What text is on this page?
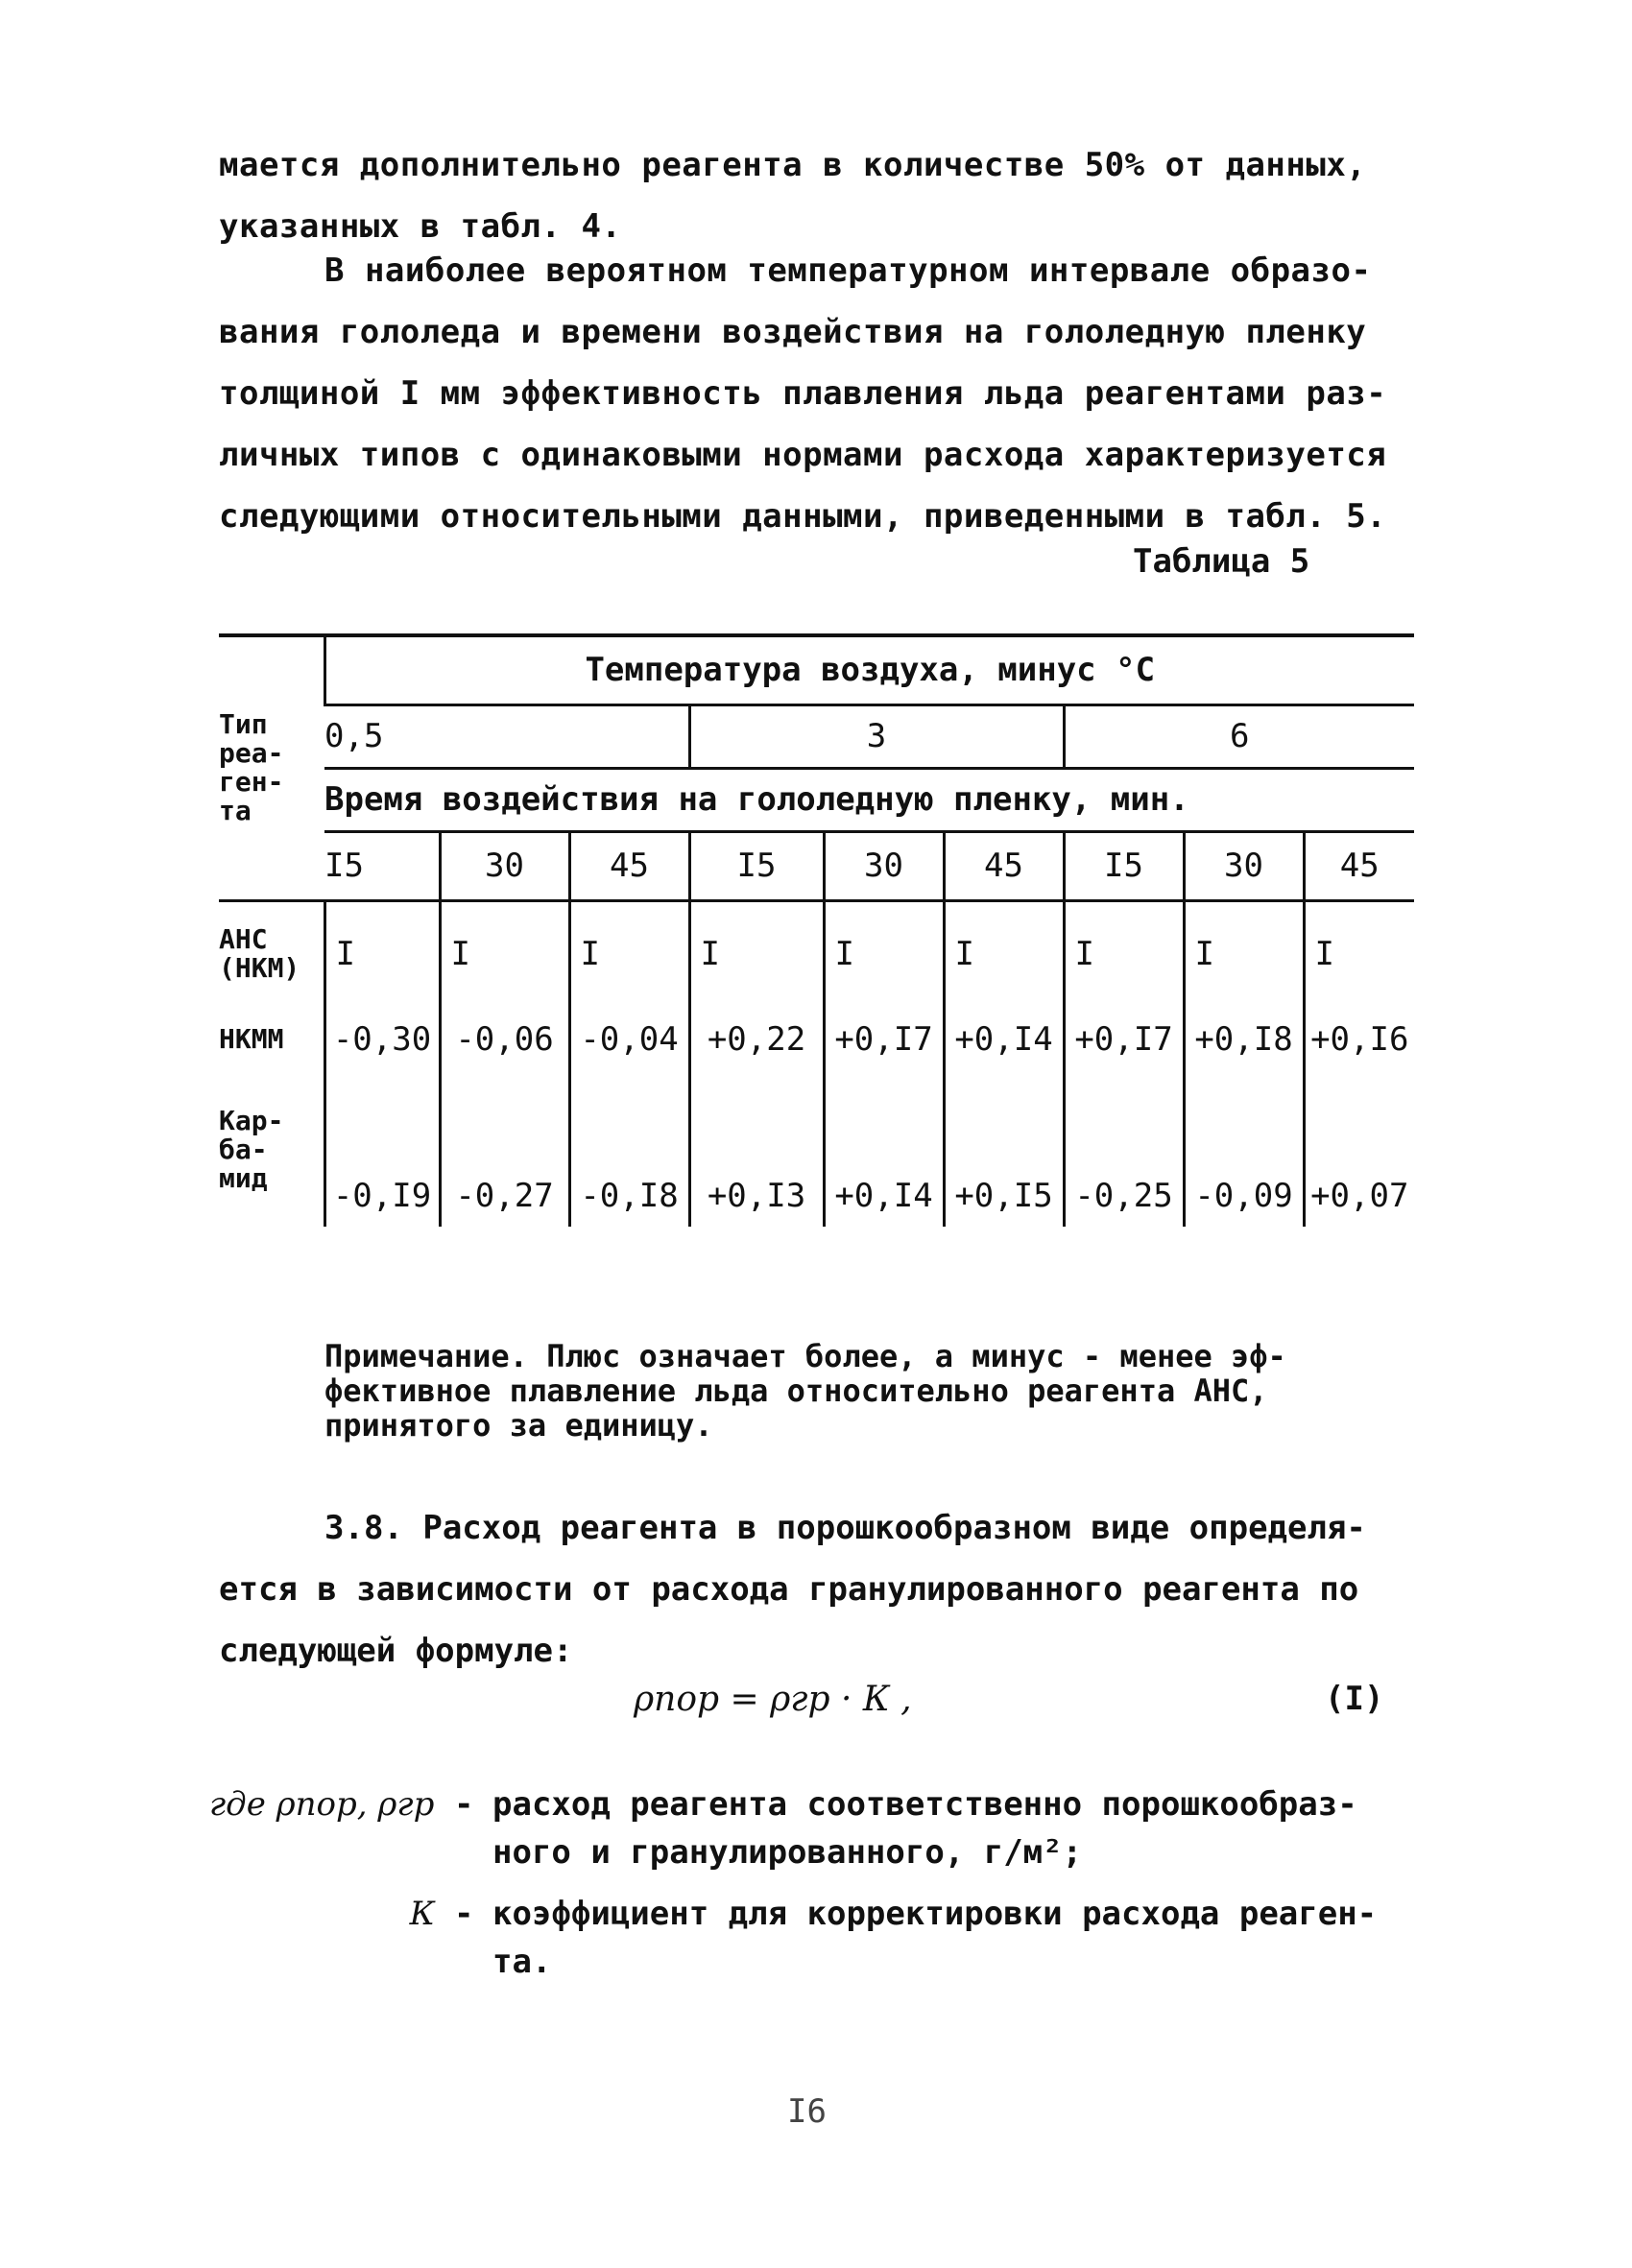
мается дополнительно реагента в количестве 50% от данных,
указанных в табл. 4.
В наиболее вероятном температурном интервале образо-
вания гололеда и времени воздействия на гололедную пленку
толщиной I мм эффективность плавления льда реагентами раз-
личных типов с одинаковыми нормами расхода характеризуется
следующими относительными данными, приведенными в табл. 5.
Таблица 5
Тип реа-
ген-
та	Температура воздуха, минус °С								
	0,5			3			6		
	Время воздействия на гололедную пленку, мин.								
	I5	30	45	I5	30	45	I5	30	45
АНС
(НКМ)	I	I	I	I	I	I	I	I	I
НКММ	-0,30	-0,06	-0,04	+0,22	+0,I7	+0,I4	+0,I7	+0,I8	+0,I6
Кар-
ба-
мид	-0,I9	-0,27	-0,I8	+0,I3	+0,I4	+0,I5	-0,25	-0,09	+0,07
Примечание. Плюс означает более, а минус - менее эф-
фективное плавление льда относительно реагента АНС,
принятого за единицу.
3.8. Расход реагента в порошкообразном виде определя-
ется в зависимости от расхода гранулированного реагента по
следующей формуле:
ρпор = ρгр · К ,	(I)
где ρпор, ρгр - расход реагента соответственно порошкообраз-
ного и гранулированного, г/м²;
К - коэффициент для корректировки расхода реаген-
та.
I6
